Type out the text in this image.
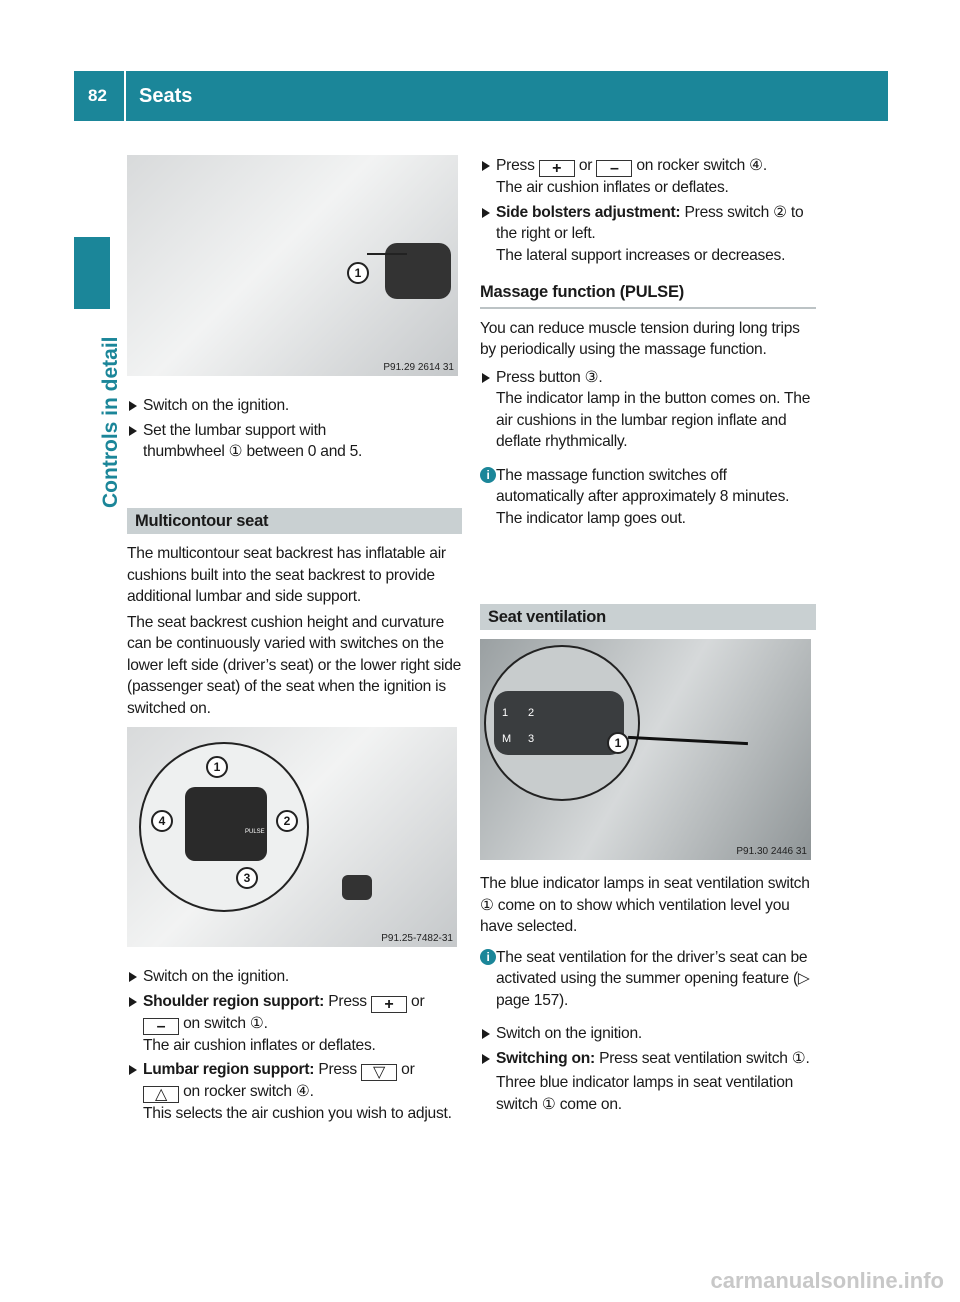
82	Seats
Controls in detail
1
P91.29 2614 31
Switch on the ignition.
Set the lumbar support with
thumbwheel ① between 0 and 5.
Multicontour seat

The multicontour seat backrest has inflatable air cushions built into the seat backrest to provide additional lumbar and side support.

The seat backrest cushion height and curvature can be continuously varied with switches on the lower left side (driver’s seat) or the lower right side (passenger seat) of the seat when the ignition is switched on.

PULSE
1
2
3
4
P91.25-7482-31
Switch on the ignition.
Shoulder region support: Press + or
– on switch ①.
The air cushion inflates or deflates.
Lumbar region support: Press ▽ or
△ on rocker switch ④.
This selects the air cushion you wish to adjust.
Press + or – on rocker switch ④.
The air cushion inflates or deflates.
Side bolsters adjustment: Press switch ② to the right or left.
The lateral support increases or decreases.
Massage function (PULSE)

You can reduce muscle tension during long trips by periodically using the massage function.

Press button ③.
The indicator lamp in the button comes on. The air cushions in the lumbar region inflate and deflate rhythmically.
i The massage function switches off automatically after approximately 8 minutes. The indicator lamp goes out.
Seat ventilation
1 2
M 3	1
P91.30 2446 31

The blue indicator lamps in seat ventilation switch ① come on to show which ventilation level you have selected.

i The seat ventilation for the driver’s seat can be activated using the summer opening feature (▷ page 157).
Switch on the ignition.
Switching on: Press seat ventilation switch ①.
Three blue indicator lamps in seat ventilation switch ① come on.
carmanualsonline.info
